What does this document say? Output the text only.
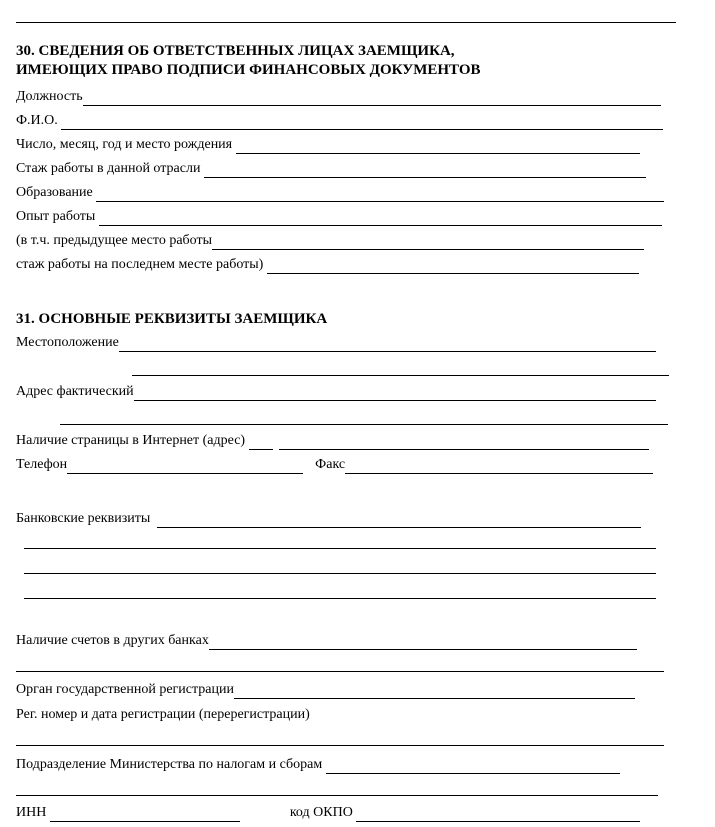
30. СВЕДЕНИЯ ОБ ОТВЕТСТВЕННЫХ ЛИЦАХ ЗАЕМЩИКА,
ИМЕЮЩИХ ПРАВО ПОДПИСИ ФИНАНСОВЫХ ДОКУМЕНТОВ
Должность
Ф.И.О.
Число, месяц, год и место рождения
Стаж работы в данной отрасли
Образование
Опыт работы
(в т.ч. предыдущее место работы
стаж работы на последнем месте работы)
31. ОСНОВНЫЕ РЕКВИЗИТЫ ЗАЕМЩИКА
Местоположение
Адрес фактический
Наличие страницы в Интернет (адрес)
Телефон	Факс
Банковские реквизиты
Наличие счетов в других банках
Орган государственной регистрации
Рег. номер и дата регистрации (перерегистрации)
Подразделение Министерства по налогам и сборам
ИНН	код ОКПО
